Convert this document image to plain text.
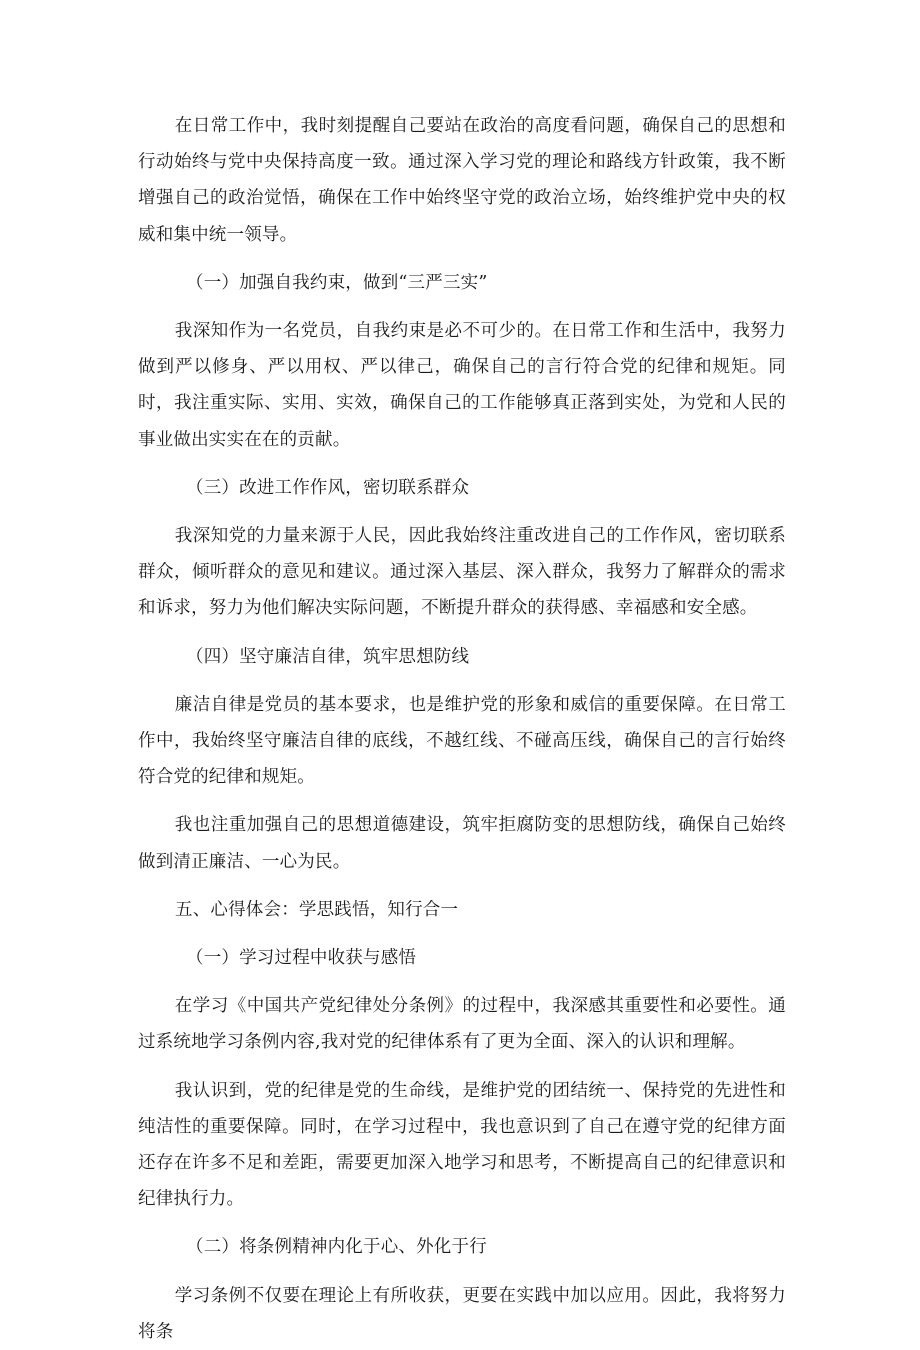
在日常工作中，我时刻提醒自己要站在政治的高度看问题，确保自己的思想和行动始终与党中央保持高度一致。通过深入学习党的理论和路线方针政策，我不断增强自己的政治觉悟，确保在工作中始终坚守党的政治立场，始终维护党中央的权威和集中统一领导。

（一）加强自我约束，做到“三严三实”

我深知作为一名党员，自我约束是必不可少的。在日常工作和生活中，我努力做到严以修身、严以用权、严以律己，确保自己的言行符合党的纪律和规矩。同时，我注重实际、实用、实效，确保自己的工作能够真正落到实处，为党和人民的事业做出实实在在的贡献。

（三）改进工作作风，密切联系群众

我深知党的力量来源于人民，因此我始终注重改进自己的工作作风，密切联系群众，倾听群众的意见和建议。通过深入基层、深入群众，我努力了解群众的需求和诉求，努力为他们解决实际问题，不断提升群众的获得感、幸福感和安全感。

（四）坚守廉洁自律，筑牢思想防线

廉洁自律是党员的基本要求，也是维护党的形象和威信的重要保障。在日常工作中，我始终坚守廉洁自律的底线，不越红线、不碰高压线，确保自己的言行始终符合党的纪律和规矩。

我也注重加强自己的思想道德建设，筑牢拒腐防变的思想防线，确保自己始终做到清正廉洁、一心为民。

五、心得体会：学思践悟，知行合一

（一）学习过程中收获与感悟

在学习《中国共产党纪律处分条例》的过程中，我深感其重要性和必要性。通过系统地学习条例内容,我对党的纪律体系有了更为全面、深入的认识和理解。

我认识到，党的纪律是党的生命线，是维护党的团结统一、保持党的先进性和纯洁性的重要保障。同时，在学习过程中，我也意识到了自己在遵守党的纪律方面还存在许多不足和差距，需要更加深入地学习和思考，不断提高自己的纪律意识和纪律执行力。

（二）将条例精神内化于心、外化于行

学习条例不仅要在理论上有所收获，更要在实践中加以应用。因此，我将努力将条
